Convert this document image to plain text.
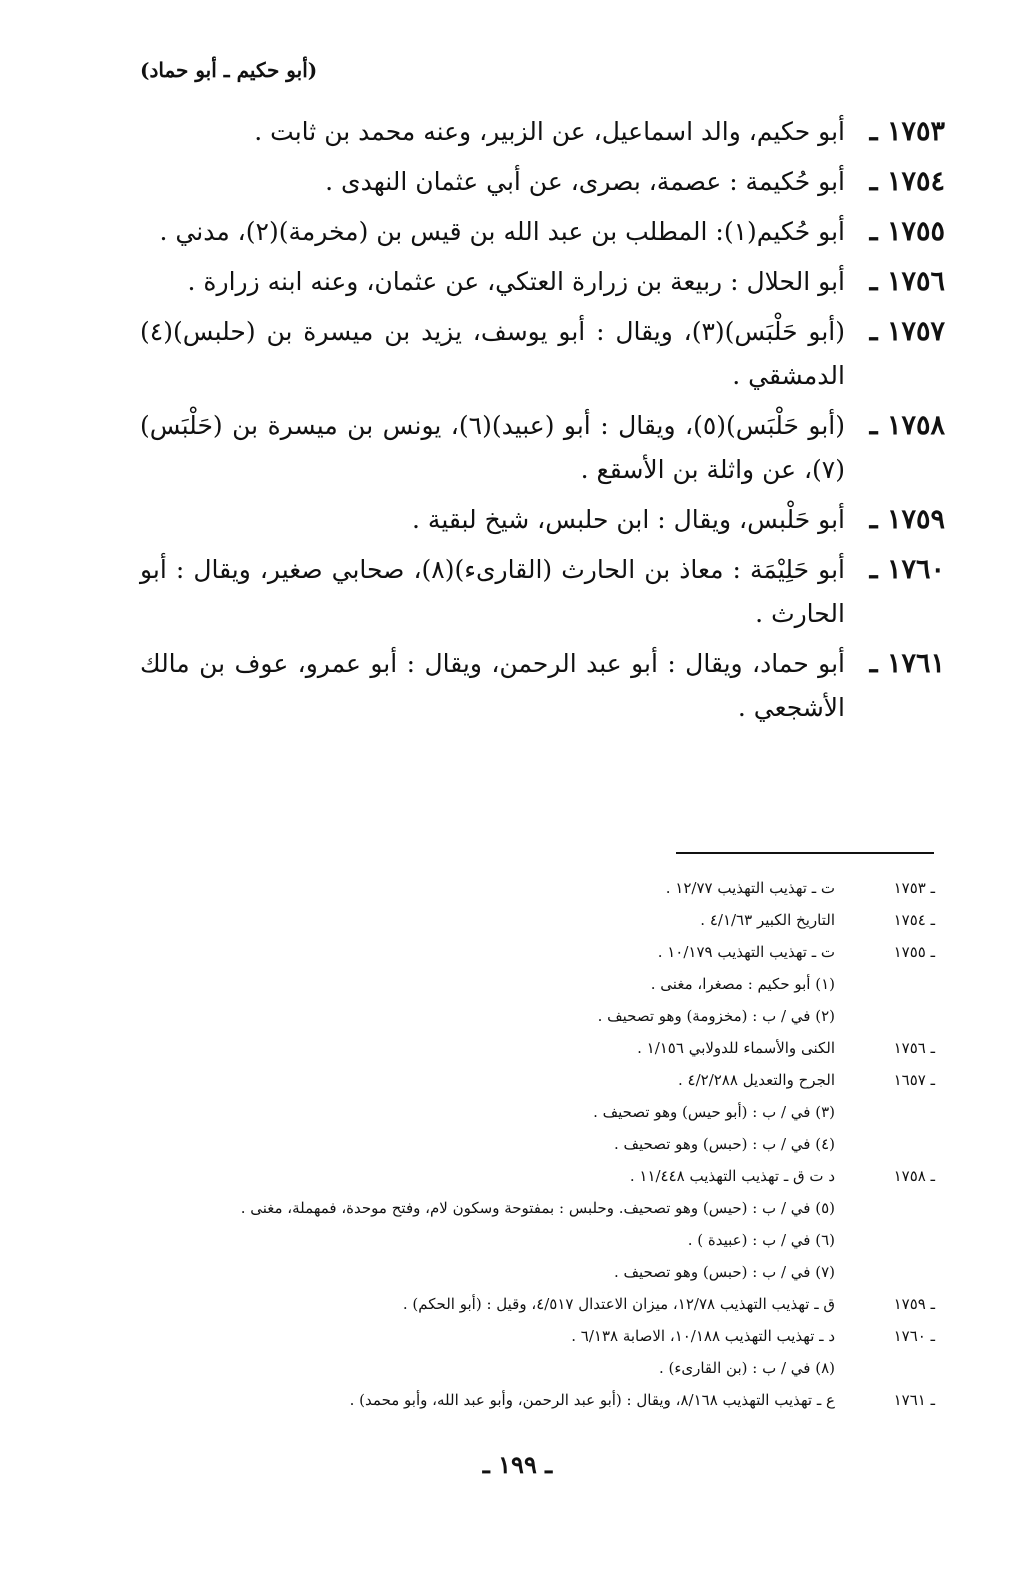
(أبو حكيم ـ أبو حماد)
١٧٥٣ ـ
أبو حكيم، والد اسماعيل، عن الزبير، وعنه محمد بن ثابت .
١٧٥٤ ـ
أبو حُكيمة : عصمة، بصرى، عن أبي عثمان النهدى .
١٧٥٥ ـ
أبو حُكيم(١): المطلب بن عبد الله بن قيس بن (مخرمة)(٢)، مدني .
١٧٥٦ ـ
أبو الحلال : ربيعة بن زرارة العتكي، عن عثمان، وعنه ابنه زرارة .
١٧٥٧ ـ
(أبو حَلْبَس)(٣)، ويقال : أبو يوسف، يزيد بن ميسرة بن (حلبس)(٤) الدمشقي .
١٧٥٨ ـ
(أبو حَلْبَس)(٥)، ويقال : أبو (عبيد)(٦)، يونس بن ميسرة بن (حَلْبَس)(٧)، عن واثلة بن الأسقع .
١٧٥٩ ـ
أبو حَلْبس، ويقال : ابن حلبس، شيخ لبقية .
١٧٦٠ ـ
أبو حَلِيْمَة : معاذ بن الحارث (القارىء)(٨)، صحابي صغير، ويقال : أبو الحارث .
١٧٦١ ـ
أبو حماد، ويقال : أبو عبد الرحمن، ويقال : أبو عمرو، عوف بن مالك الأشجعي .
ـ ١٧٥٣
ت ـ تهذيب التهذيب ١٢/٧٧ .
ـ ١٧٥٤
التاريخ الكبير ٤/١/٦٣ .
ـ ١٧٥٥
ت ـ تهذيب التهذيب ١٠/١٧٩ .
(١) أبو حكيم : مصغرا، مغنى .
(٢) في / ب : (مخزومة) وهو تصحيف .
ـ ١٧٥٦
الكنى والأسماء للدولابي ١/١٥٦ .
ـ ١٦٥٧
الجرح والتعديل ٤/٢/٢٨٨ .
(٣) في / ب : (أبو حيس) وهو تصحيف .
(٤) في / ب : (حبس) وهو تصحيف .
ـ ١٧٥٨
د ت ق ـ تهذيب التهذيب ١١/٤٤٨ .
(٥) في / ب : (حيس) وهو تصحيف. وحلبس : بمفتوحة وسكون لام، وفتح موحدة، فمهملة، مغنى .
(٦) في / ب : (عبيدة ) .
(٧) في / ب : (حبس) وهو تصحيف .
ـ ١٧٥٩
ق ـ تهذيب التهذيب ١٢/٧٨، ميزان الاعتدال ٤/٥١٧، وقيل : (أبو الحكم) .
ـ ١٧٦٠
د ـ تهذيب التهذيب ١٠/١٨٨، الاصابة ٦/١٣٨ .
(٨) في / ب : (بن القارىء) .
ـ ١٧٦١
ع ـ تهذيب التهذيب ٨/١٦٨، ويقال : (أبو عبد الرحمن، وأبو عبد الله، وأبو محمد) .
ـ ١٩٩ ـ
